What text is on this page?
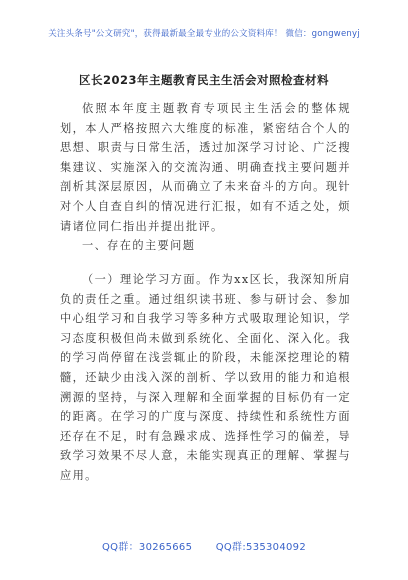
关注头条号"公文研究"，获得最新最全最专业的公文资料库！ 微信：gongwenyj
区长2023年主题教育民主生活会对照检查材料
依照本年度主题教育专项民主生活会的整体规划，本人严格按照六大维度的标准，紧密结合个人的思想、职责与日常生活，透过加深学习讨论、广泛搜集建议、实施深入的交流沟通、明确查找主要问题并剖析其深层原因，从而确立了未来奋斗的方向。现针对个人自查自纠的情况进行汇报，如有不适之处，烦请诸位同仁指出并提出批评。
一、存在的主要问题
（一）理论学习方面。作为xx区长，我深知所肩负的责任之重。通过组织读书班、参与研讨会、参加中心组学习和自我学习等多种方式吸取理论知识，学习态度积极但尚未做到系统化、全面化、深入化。我的学习尚停留在浅尝辄止的阶段，未能深挖理论的精髓，还缺少由浅入深的剖析、学以致用的能力和追根溯源的坚持，与深入理解和全面掌握的目标仍有一定的距离。在学习的广度与深度、持续性和系统性方面还存在不足，时有急躁求成、选择性学习的偏差，导致学习效果不尽人意，未能实现真正的理解、掌握与应用。
QQ群：30265665 QQ群:535304092
